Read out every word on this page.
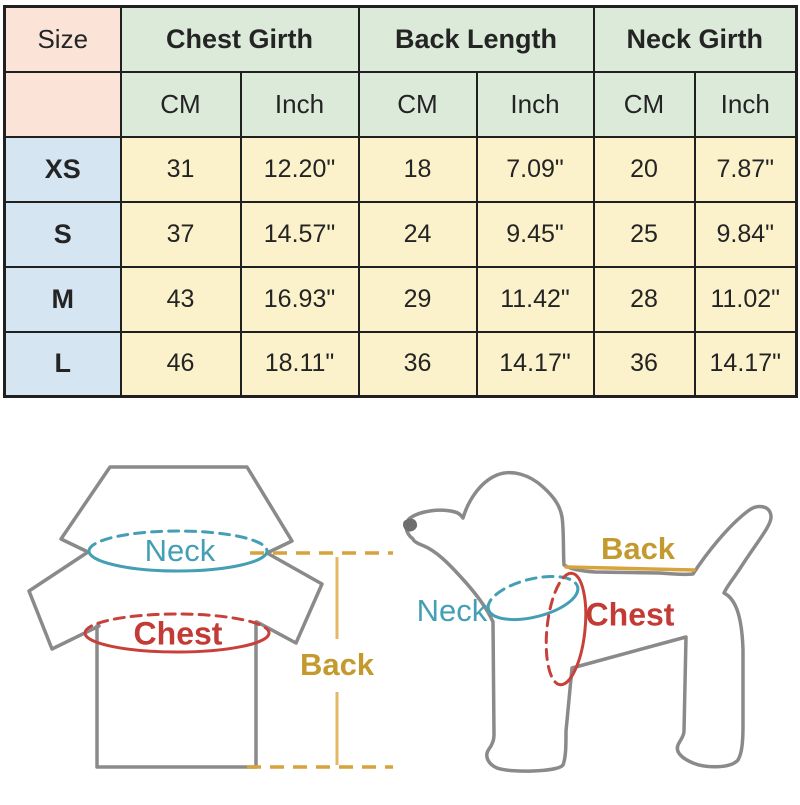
Size	Chest Girth		Back Length		Neck Girth	
	CM	Inch	CM	Inch	CM	Inch
XS	31	12.20"	18	7.09"	20	7.87"
S	37	14.57"	24	9.45"	25	9.84"
M	43	16.93"	29	11.42"	28	11.02"
L	46	18.11"	36	14.17"	36	14.17"
Neck
Chest
Back
Neck	Chest
Back
